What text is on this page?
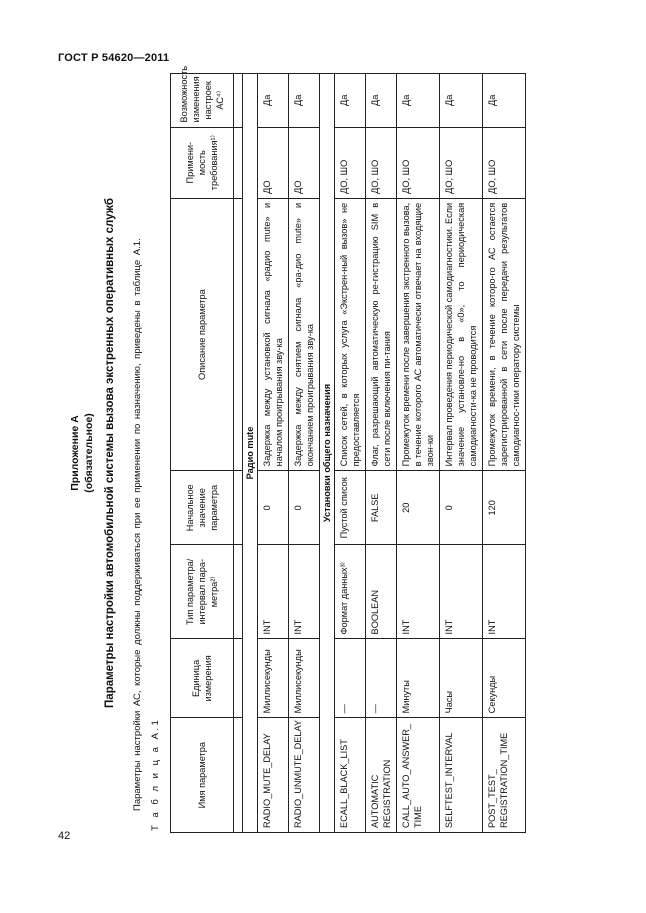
ГОСТ Р 54620—2011
Приложение А (обязательное) Параметры настройки автомобильной системы вызова экстренных оперативных служб Параметры настройки АС, которые должны поддерживаться при ее применении по назначению, приведены в таблице А.1. Т а б л и ц а А.1	Имя параметра	Единица измерения	Тип параметра/ интервал пара-метра²⁾	Начальное значение параметра	Описание параметра	Примени-мость требования¹⁾	Возможность изменения настроек АС⁴⁾

Радио mute						
RADIO_MUTE_DELAY	Миллисекунды	INT	0	Задержка между установкой сигнала «радио mute» и началом проигрывания зву-ка	ДО	Да
RADIO_UNMUTE_DELAY	Миллисекунды	INT	0	Задержка между снятием сигнала «ра-дио mute» и окончанием проигрывания зву-ка	ДО	Да
Установки общего назначения						
ECALL_BLACK_LIST	—	Формат данных³⁾	Пустой список	Список сетей, в которых услуга «Экстрен-ный вызов» не предоставляется	ДО, ШО	Да
AUTOMATIC REGISTRATION	—	BOOLEAN	FALSE	Флаг, разрешающий автоматическую ре-гистрацию SIM в сети после включения пи-тания	ДО, ШО	Да
CALL_AUTO_ANSWER_ TIME	Минуты	INT	20	Промежуток времени после завершения экстренного вызова, в течение которого АС автоматически отвечает на входящие звон-ки	ДО, ШО	Да
SELFTEST_INTERVAL	Часы	INT	0	Интервал проведения периодической самодиагностики. Если значение установле-но в «0», то периодическая самодиагности-ка не проводится	ДО, ШО	Да
POST_TEST_ REGISTRATION_TIME	Секунды	INT	120	Промежуток времени, в течение которо-го АС остается зарегистрированной в сети после передачи результатов самодиагнос-тики оператору системы	ДО, ШО	Да
42
